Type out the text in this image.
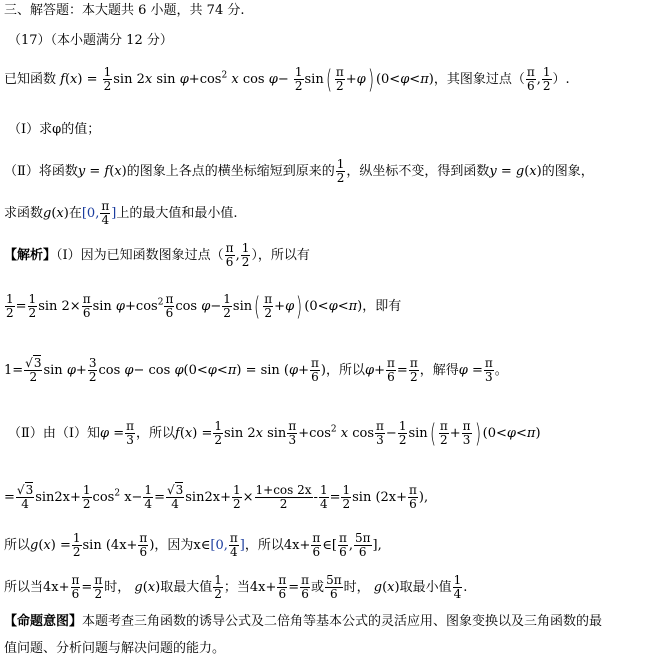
三、解答题：本大题共 6 小题，共 74 分.
（17）（本小题满分 12 分）
已知函数 $f(x) = \frac{1}{2}$ sin 2x $\sin \varphi+\cos^2$ x $\cos \varphi- \frac{1}{2} \sin( \frac{\pi}{2} +\varphi)$ (0<φ<π)，其图象过点（ $\frac{\pi}{6}$ , $\frac{1}{2}$ ）.
（Ⅰ）求φ的值；
（Ⅱ）将函数y = f(x)的图象上各点的横坐标缩短到原来的 $\frac{1}{2}$ ，纵坐标不变，得到函数y = g(x)的图象，
求函数g(x)在[0, $\frac{\pi}{4}$ ]上的最大值和最小值.
【解析】（Ⅰ）因为已知函数图象过点（ $\frac{\pi}{6}$ , $\frac{1}{2}$ ），所以有
$\frac{1}{2} = \frac{1}{2}$ $\sin 2\times \frac{\pi}{6}$ $\sin \varphi+\cos^2 \frac{\pi}{6}$ $\cos \varphi- \frac{1}{2} \sin( \frac{\pi}{2} +\varphi)$ (0<φ<π)，即有
$1= \frac{√3}{2}$ $\sin \varphi+ \frac{3}{2}$ $\cos \varphi- \cos \varphi(0<\varphi<\pi) = \sin (\varphi+ \frac{\pi}{6}$ )，所以$\varphi+ \frac{\pi}{6} = \frac{\pi}{2}$ ，解得$\varphi = \frac{\pi}{3}$ 。
（Ⅱ）由（Ⅰ）知$\varphi = \frac{\pi}{3}$ ，所以$f(x) = \frac{1}{2}$ sin 2x $\sin \frac{\pi}{3} +\cos^2$ x $\cos \frac{\pi}{3} - \frac{1}{2} \sin( \frac{\pi}{2} + \frac{\pi}{3}$ ) (0<φ<π)
= $\frac{√3}{4} \sin 2x+ \frac{1}{2} \cos^2 x- \frac{1}{4} = \frac{√3}{4} \sin 2x+ \frac{1}{2} \times \frac{1+\cos 2x}{2} - \frac{1}{4} = \frac{1}{2}$ $\sin (2x+ \frac{\pi}{6}$ ),
所以$g(x) = \frac{1}{2}$ $\sin (4x+ \frac{\pi}{6}$ )，因为x∈[0, $\frac{\pi}{4}$ ]，所以$4x+ \frac{\pi}{6}$ ∈[ $\frac{\pi}{6}$ , $\frac{5\pi}{6}$ ],
所以当$4x+ \frac{\pi}{6} = \frac{\pi}{2}$ 时， g(x)取最大值 $\frac{1}{2}$ ；当$4x+ \frac{\pi}{6} = \frac{\pi}{6}$ 或 $\frac{5\pi}{6}$ 时， g(x)取最小值 $\frac{1}{4}$ .
【命题意图】本题考查三角函数的诱导公式及二倍角等基本公式的灵活应用、图象变换以及三角函数的最
值问题、分析问题与解决问题的能力。
